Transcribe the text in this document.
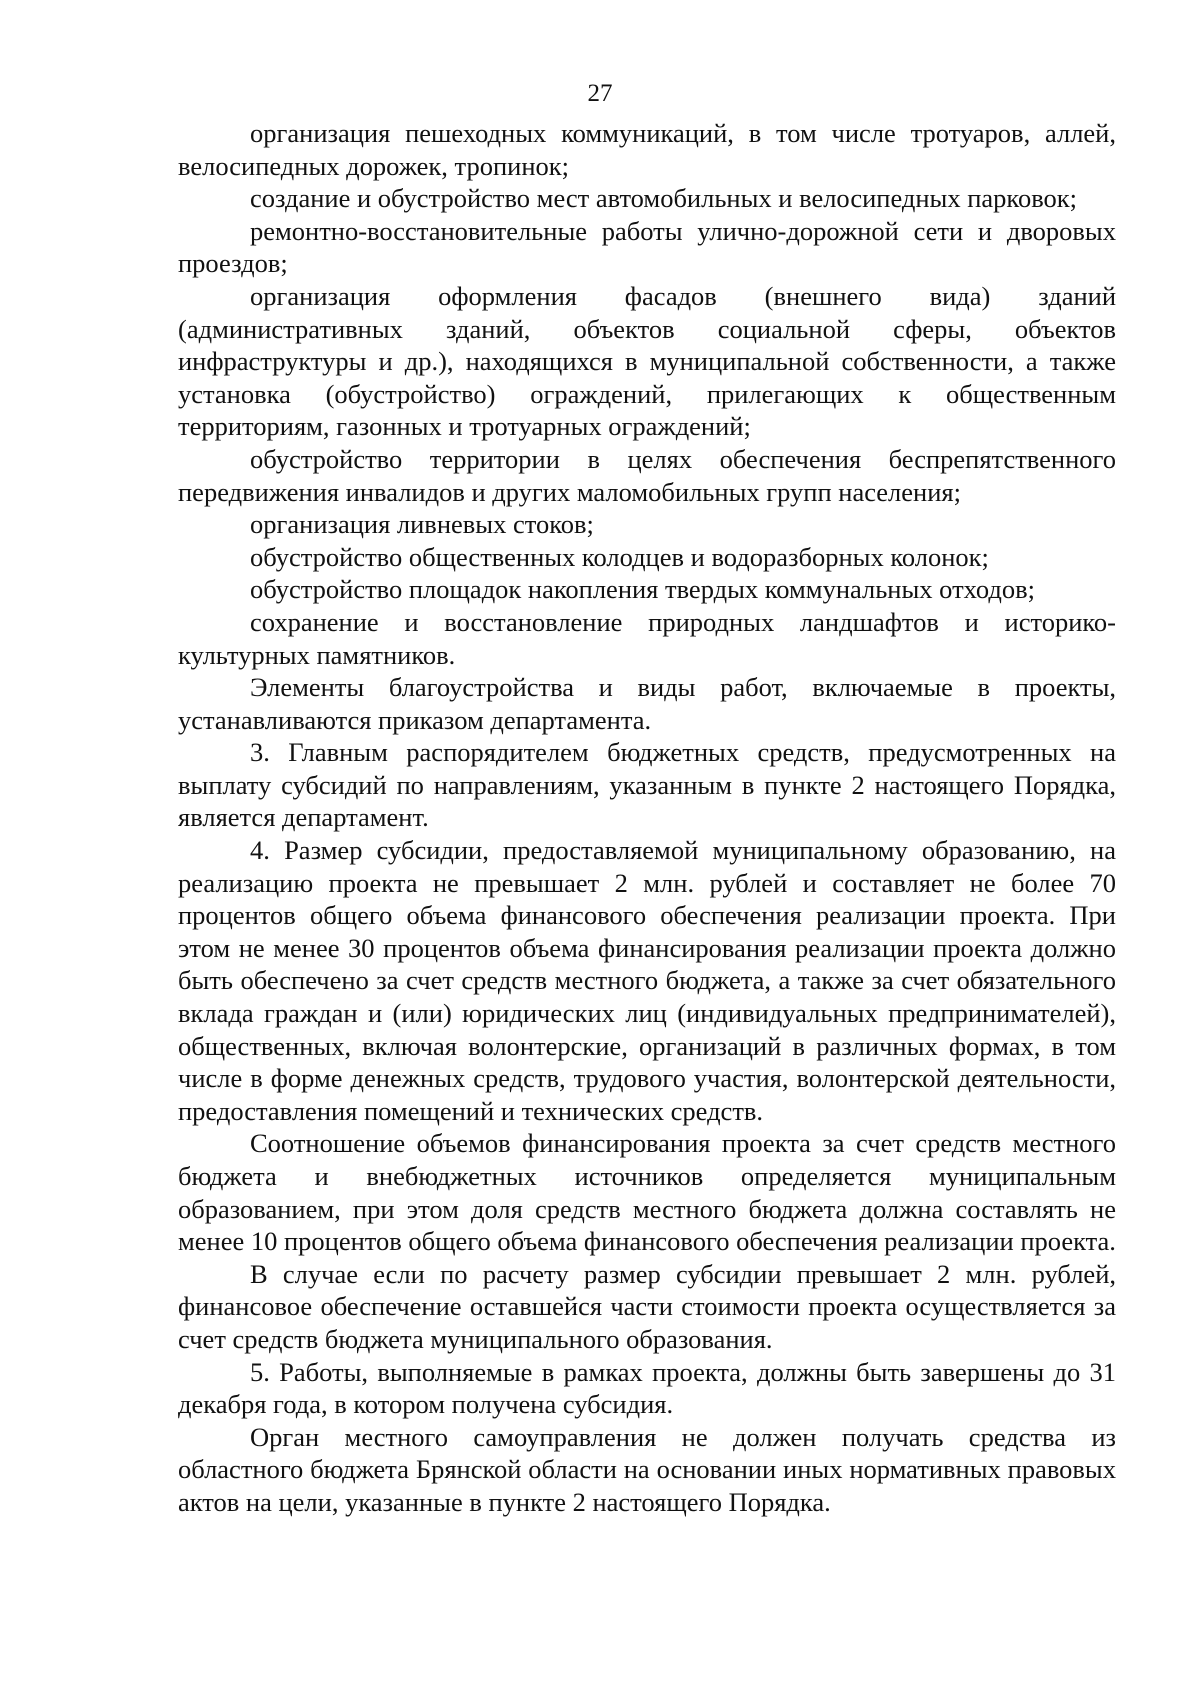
27

организация пешеходных коммуникаций, в том числе тротуаров, аллей, велосипедных дорожек, тропинок;

создание и обустройство мест автомобильных и велосипедных парковок;

ремонтно-восстановительные работы улично-дорожной сети и дворовых проездов;

организация оформления фасадов (внешнего вида) зданий (административных зданий, объектов социальной сферы, объектов инфраструктуры и др.), находящихся в муниципальной собственности, а также установка (обустройство) ограждений, прилегающих к общественным территориям, газонных и тротуарных ограждений;

обустройство территории в целях обеспечения беспрепятственного передвижения инвалидов и других маломобильных групп населения;

организация ливневых стоков;

обустройство общественных колодцев и водоразборных колонок;

обустройство площадок накопления твердых коммунальных отходов;

сохранение и восстановление природных ландшафтов и историко-культурных памятников.

Элементы благоустройства и виды работ, включаемые в проекты, устанавливаются приказом департамента.

3. Главным распорядителем бюджетных средств, предусмотренных на выплату субсидий по направлениям, указанным в пункте 2 настоящего Порядка, является департамент.

4. Размер субсидии, предоставляемой муниципальному образованию, на реализацию проекта не превышает 2 млн. рублей и составляет не более 70 процентов общего объема финансового обеспечения реализации проекта. При этом не менее 30 процентов объема финансирования реализации проекта должно быть обеспечено за счет средств местного бюджета, а также за счет обязательного вклада граждан и (или) юридических лиц (индивидуальных предпринимателей), общественных, включая волонтерские, организаций в различных формах, в том числе в форме денежных средств, трудового участия, волонтерской деятельности, предоставления помещений и технических средств.

Соотношение объемов финансирования проекта за счет средств местного бюджета и внебюджетных источников определяется муниципальным образованием, при этом доля средств местного бюджета должна составлять не менее 10 процентов общего объема финансового обеспечения реализации проекта.

В случае если по расчету размер субсидии превышает 2 млн. рублей, финансовое обеспечение оставшейся части стоимости проекта осуществляется за счет средств бюджета муниципального образования.

5. Работы, выполняемые в рамках проекта, должны быть завершены до 31 декабря года, в котором получена субсидия.

Орган местного самоуправления не должен получать средства из областного бюджета Брянской области на основании иных нормативных правовых актов на цели, указанные в пункте 2 настоящего Порядка.
